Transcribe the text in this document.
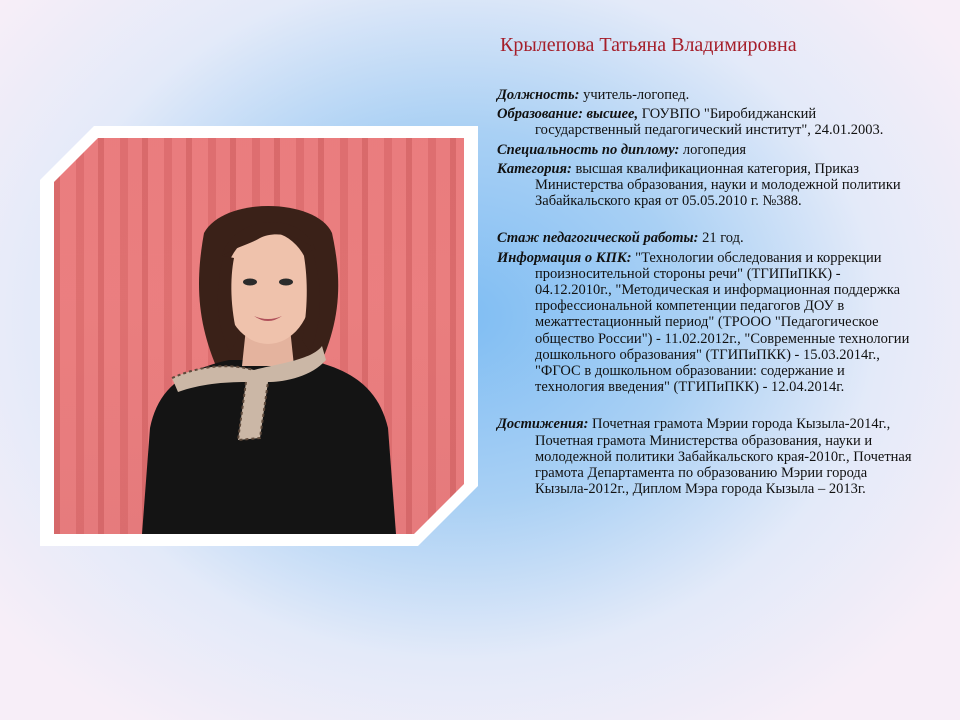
Крылепова Татьяна Владимировна

Должность: учитель-логопед.

Образование: высшее, ГОУВПО "Биробиджанский государственный педагогический институт", 24.01.2003.

Специальность по диплому: логопедия

Категория: высшая квалификационная категория, Приказ Министерства образования, науки и молодежной политики Забайкальского края от 05.05.2010 г. №388.

Стаж педагогической работы: 21 год.

Информация о КПК: "Технологии обследования и коррекции произносительной стороны речи" (ТГИПиПКК) - 04.12.2010г., "Методическая и информационная поддержка профессиональной компетенции педагогов ДОУ в межаттестационный период" (ТРООО "Педагогическое общество России") - 11.02.2012г., "Современные технологии дошкольного образования" (ТГИПиПКК) - 15.03.2014г., "ФГОС в дошкольном образовании: содержание и технология введения" (ТГИПиПКК) - 12.04.2014г.

Достижения: Почетная грамота Мэрии города Кызыла-2014г., Почетная грамота Министерства образования, науки и молодежной политики Забайкальского края-2010г., Почетная грамота Департамента по образованию Мэрии города Кызыла-2012г., Диплом Мэра города Кызыла – 2013г.
